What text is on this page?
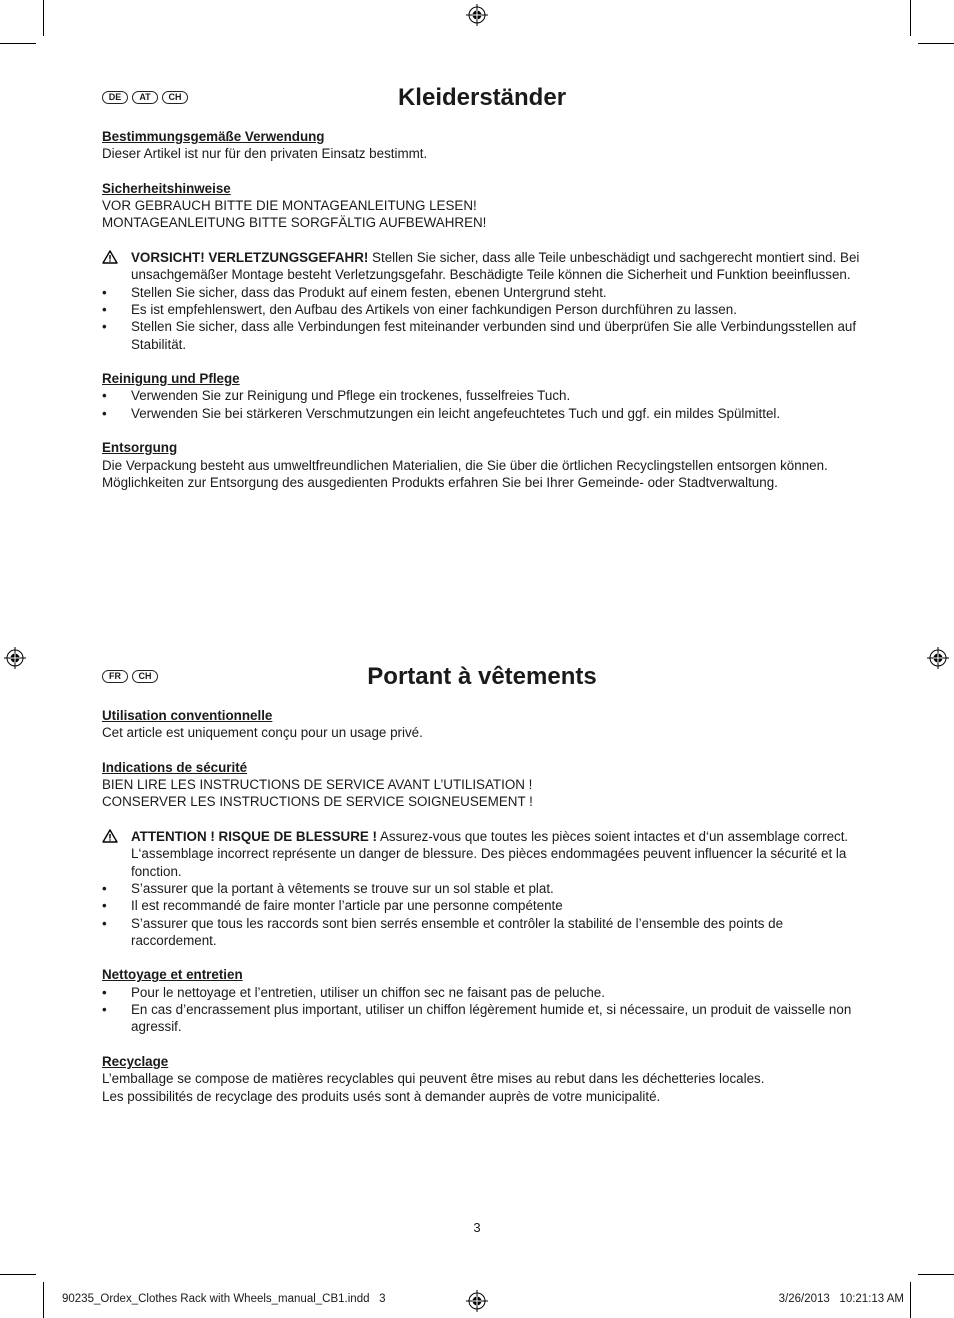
DE	AT	CH	Kleiderständer
Bestimmungsgemäße Verwendung
Dieser Artikel ist nur für den privaten Einsatz bestimmt.
Sicherheitshinweise
VOR GEBRAUCH BITTE DIE MONTAGEANLEITUNG LESEN!
MONTAGEANLEITUNG BITTE SORGFÄLTIG AUFBEWAHREN!
VORSICHT! VERLETZUNGSGEFAHR! Stellen Sie sicher, dass alle Teile unbeschädigt und sachgerecht montiert sind. Bei unsachgemäßer Montage besteht Verletzungsgefahr. Beschädigte Teile können die Sicherheit und Funktion beeinflussen.
•	Stellen Sie sicher, dass das Produkt auf einem festen, ebenen Untergrund steht.
•	Es ist empfehlenswert, den Aufbau des Artikels von einer fachkundigen Person durchführen zu lassen.
•	Stellen Sie sicher, dass alle Verbindungen fest miteinander verbunden sind und überprüfen Sie alle Verbindungsstellen auf Stabilität.
Reinigung und Pflege
•	Verwenden Sie zur Reinigung und Pflege ein trockenes, fusselfreies Tuch.
•	Verwenden Sie bei stärkeren Verschmutzungen ein leicht angefeuchtetes Tuch und ggf. ein mildes Spülmittel.
Entsorgung
Die Verpackung besteht aus umweltfreundlichen Materialien, die Sie über die örtlichen Recyclingstellen entsorgen können.
Möglichkeiten zur Entsorgung des ausgedienten Produkts erfahren Sie bei Ihrer Gemeinde- oder Stadtverwaltung.
FR	CH	Portant à vêtements
Utilisation conventionnelle
Cet article est uniquement conçu pour un usage privé.
Indications de sécurité
BIEN LIRE LES INSTRUCTIONS DE SERVICE AVANT L’UTILISATION !
CONSERVER LES INSTRUCTIONS DE SERVICE SOIGNEUSEMENT !
ATTENTION ! RISQUE DE BLESSURE ! Assurez-vous que toutes les pièces soient intactes et d‘un assemblage correct. L‘assemblage incorrect représente un danger de blessure. Des pièces endommagées peuvent influencer la sécurité et la fonction.
•	S’assurer que la portant à vêtements se trouve sur un sol stable et plat.
•	Il est recommandé de faire monter l’article par une personne compétente
•	S’assurer que tous les raccords sont bien serrés ensemble et contrôler la stabilité de l’ensemble des points de raccordement.
Nettoyage et entretien
•	Pour le nettoyage et l’entretien, utiliser un chiffon sec ne faisant pas de peluche.
•	En cas d’encrassement plus important, utiliser un chiffon légèrement humide et, si nécessaire, un produit de vaisselle non agressif.
Recyclage
L’emballage se compose de matières recyclables qui peuvent être mises au rebut dans les déchetteries locales.
Les possibilités de recyclage des produits usés sont à demander auprès de votre municipalité.
3
90235_Ordex_Clothes Rack with Wheels_manual_CB1.indd   3	3/26/2013   10:21:13 AM
